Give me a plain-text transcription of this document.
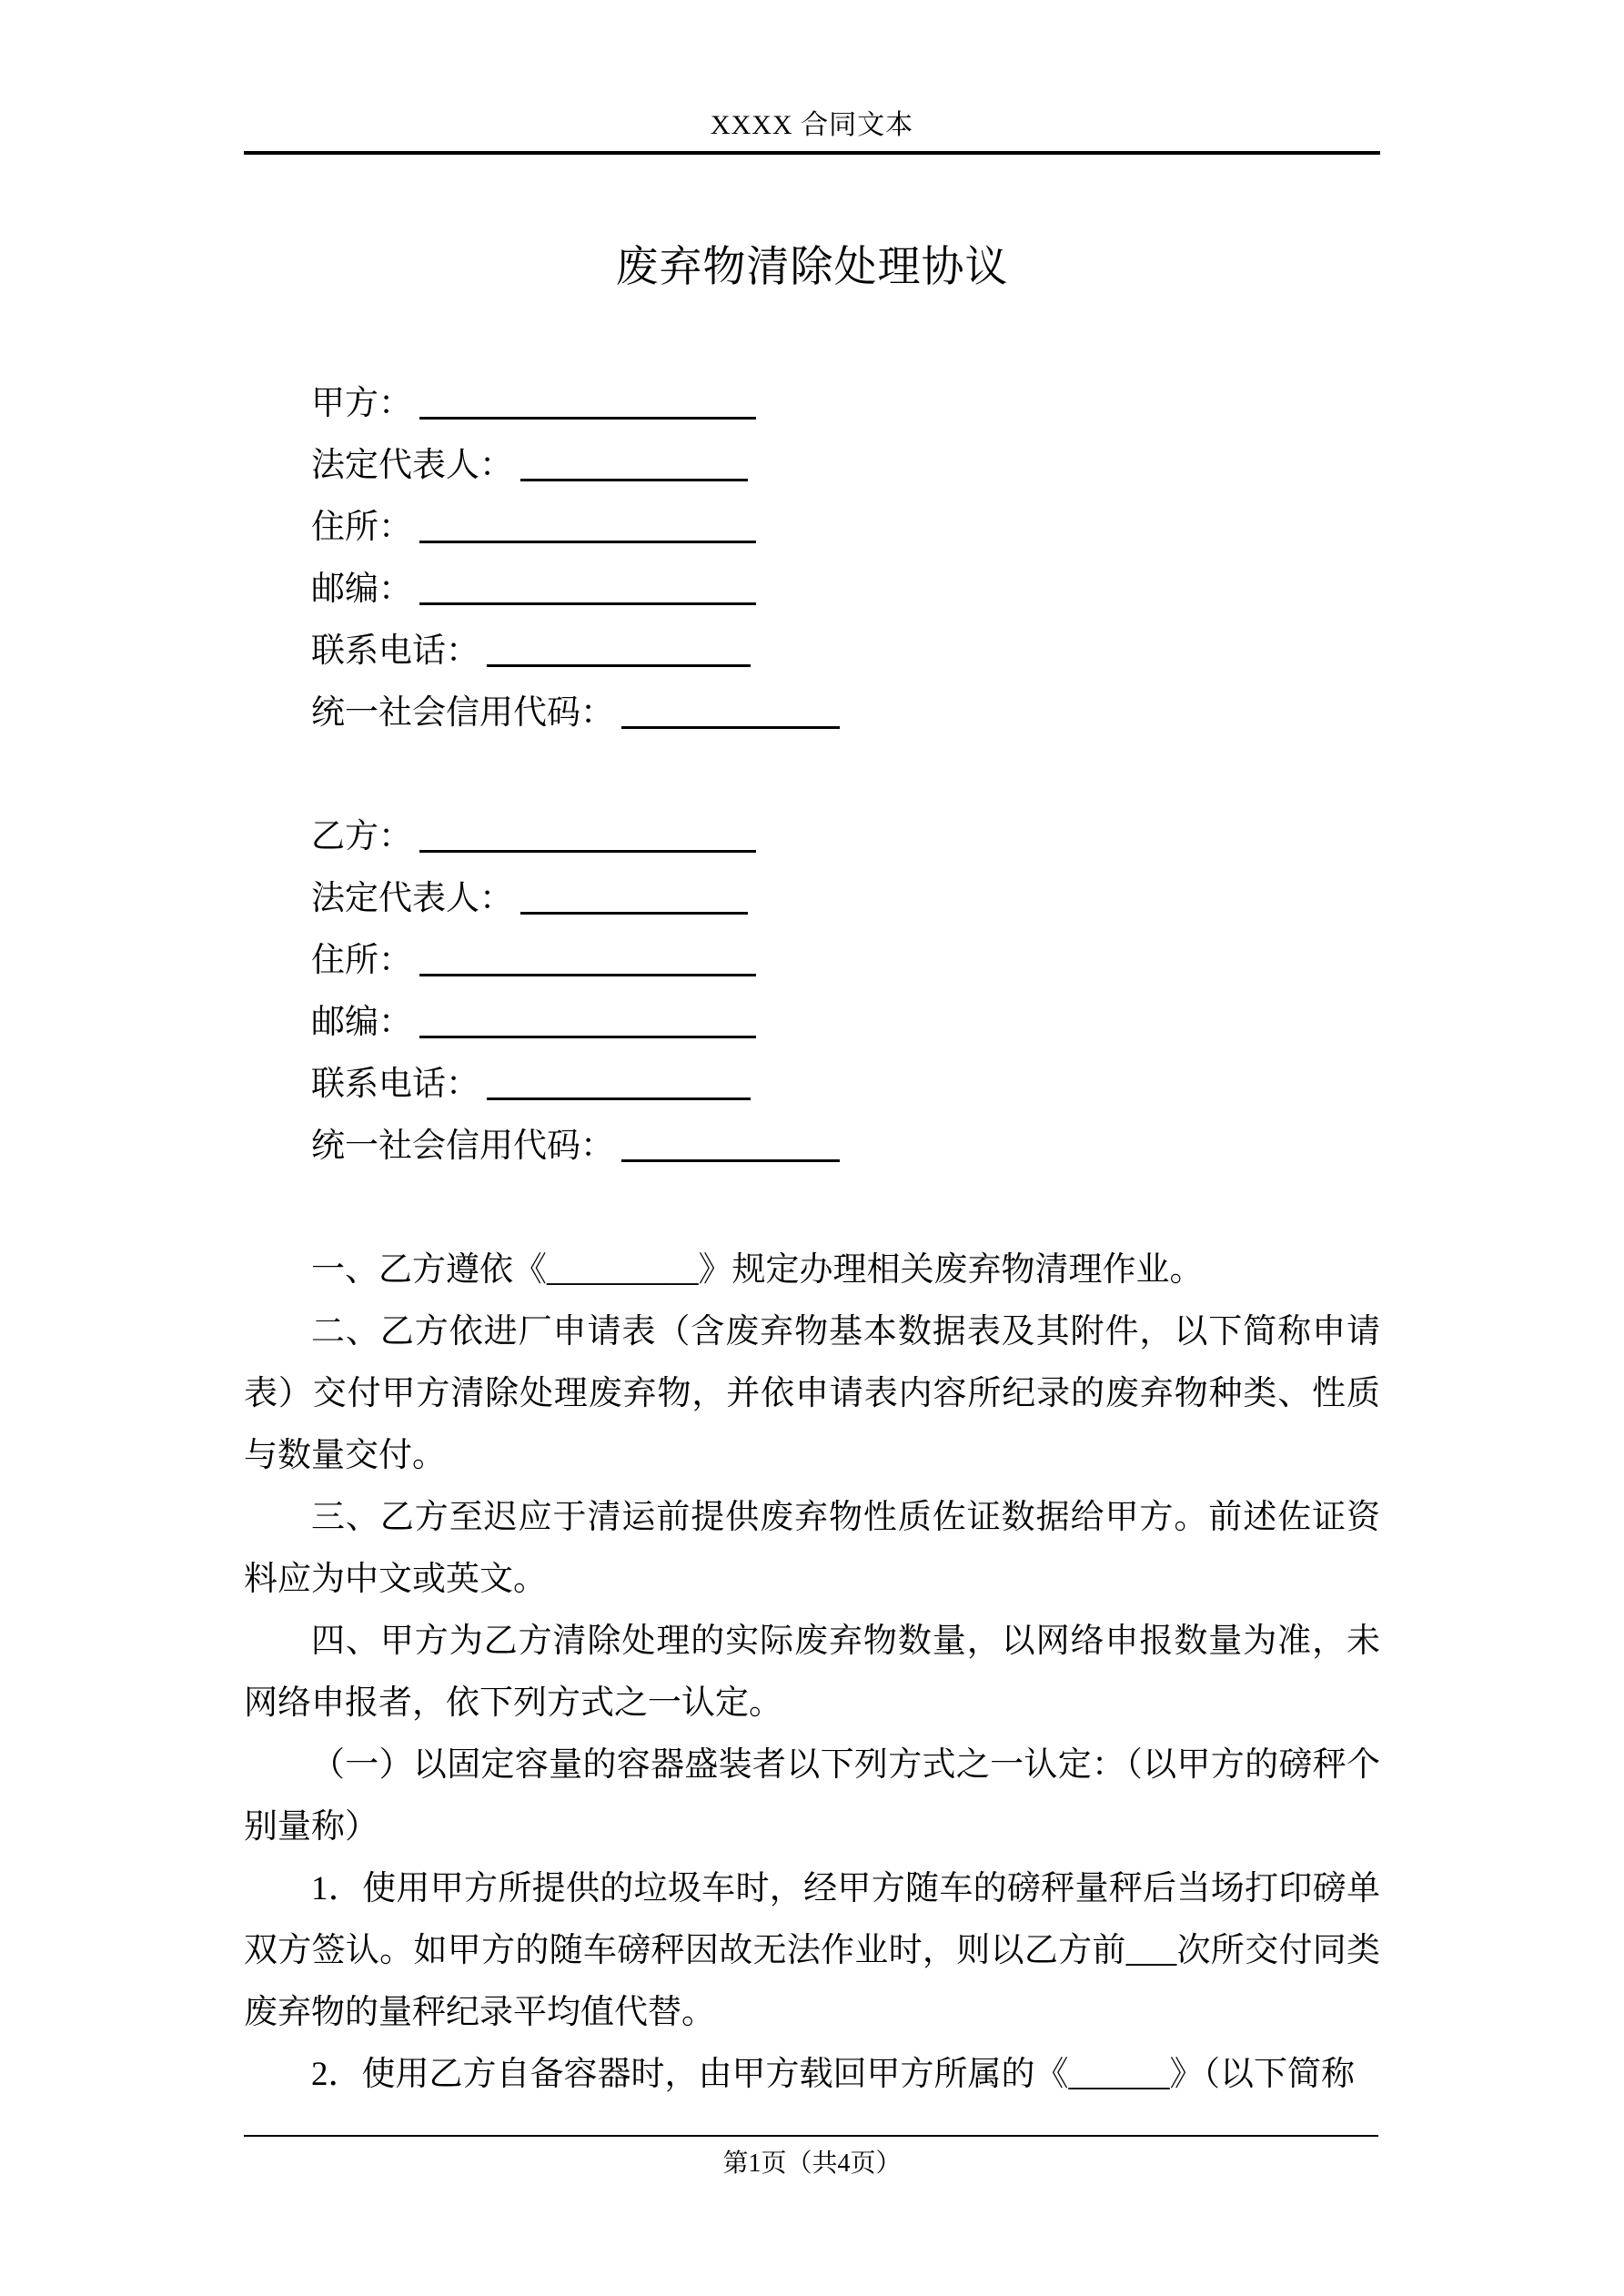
XXXX 合同文本
废弃物清除处理协议
甲方：
法定代表人：
住所：
邮编：
联系电话：
统一社会信用代码：
乙方：
法定代表人：
住所：
邮编：
联系电话：
统一社会信用代码：

一、乙方遵依《_________》规定办理相关废弃物清理作业。

二、乙方依进厂申请表（含废弃物基本数据表及其附件，以下简称申请表）交付甲方清除处理废弃物，并依申请表内容所纪录的废弃物种类、性质与数量交付。

三、乙方至迟应于清运前提供废弃物性质佐证数据给甲方。前述佐证资料应为中文或英文。

四、甲方为乙方清除处理的实际废弃物数量，以网络申报数量为准，未网络申报者，依下列方式之一认定。

（一）以固定容量的容器盛装者以下列方式之一认定：（以甲方的磅秤个别量称）

1．使用甲方所提供的垃圾车时，经甲方随车的磅秤量秤后当场打印磅单双方签认。如甲方的随车磅秤因故无法作业时，则以乙方前___次所交付同类废弃物的量秤纪录平均值代替。

2．使用乙方自备容器时，由甲方载回甲方所属的《______》（以下简称

第1页（共4页）
